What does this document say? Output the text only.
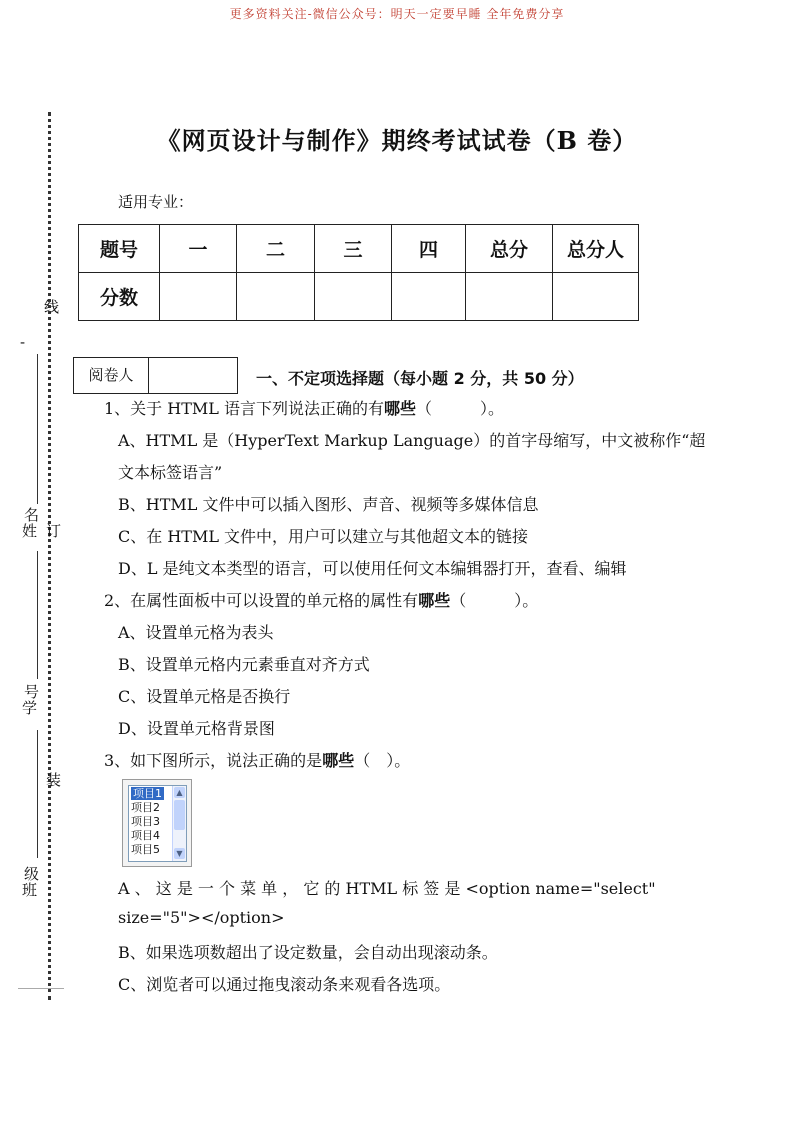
更多资料关注-微信公众号：明天一定要早睡 全年免费分享
《网页设计与制作》期终考试试卷（B 卷）
适用专业：
题号	一	二	三	四	总分	总分人
分数						
线
-
名
姓 订
号
学
装
级
班
阅卷人	一、不定项选择题（每小题 2 分，共 50 分）
1、关于 HTML 语言下列说法正确的有哪些（　　　）。
A、HTML 是（HyperText Markup Language）的首字母缩写，中文被称作“超
文本标签语言”
B、HTML 文件中可以插入图形、声音、视频等多媒体信息
C、在 HTML 文件中，用户可以建立与其他超文本的链接
D、L 是纯文本类型的语言，可以使用任何文本编辑器打开，查看、编辑
2、在属性面板中可以设置的单元格的属性有哪些（　　　）。
A、设置单元格为表头
B、设置单元格内元素垂直对齐方式
C、设置单元格是否换行
D、设置单元格背景图
3、如下图所示，说法正确的是哪些（　）。
项目1
项目2
项目3
项目4
项目5
▲
▼
A 、 这 是 一 个 菜 单 ， 它 的 HTML 标 签 是 <option name="select"
size="5"></option>
B、如果选项数超出了设定数量，会自动出现滚动条。
C、浏览者可以通过拖曳滚动条来观看各选项。
